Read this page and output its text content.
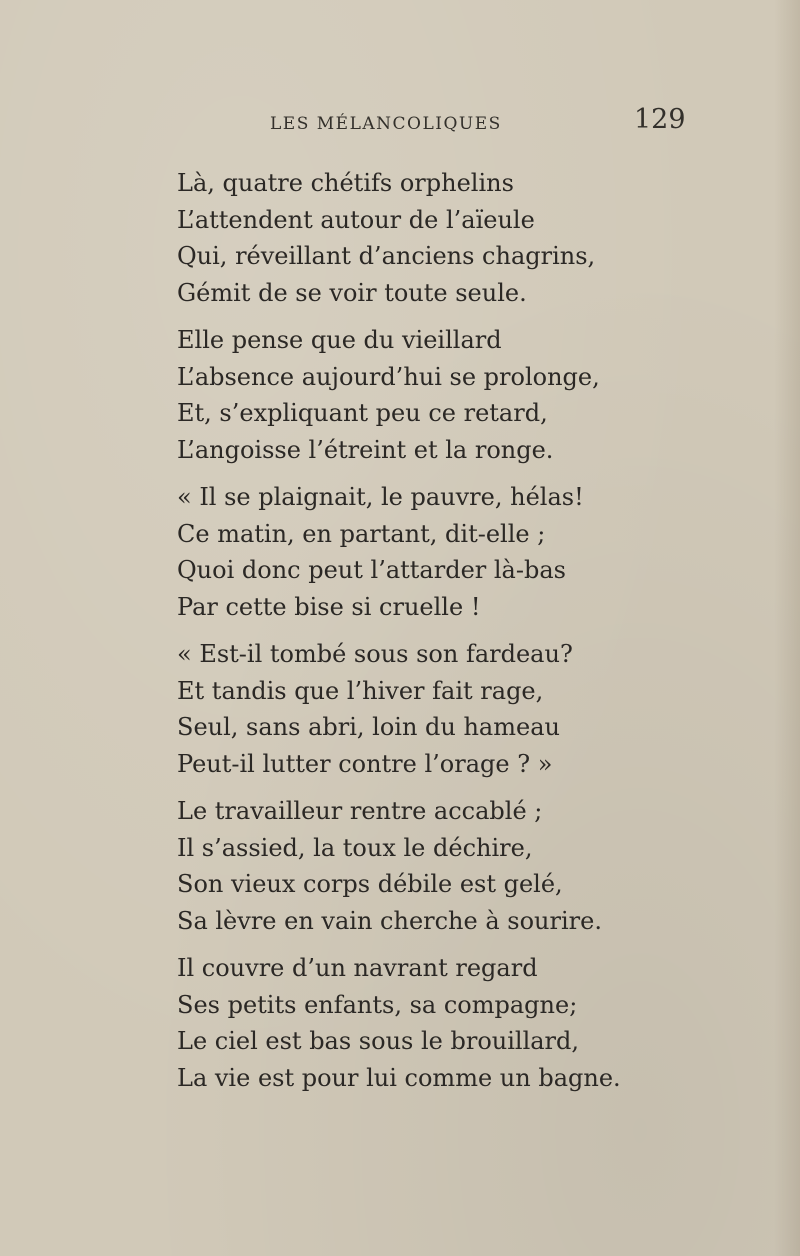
LES MÉLANCOLIQUES	129
Là, quatre chétifs orphelins
L’attendent autour de l’aïeule
Qui, réveillant d’anciens chagrins,
Gémit de se voir toute seule.
Elle pense que du vieillard
L’absence aujourd’hui se prolonge,
Et, s’expliquant peu ce retard,
L’angoisse l’étreint et la ronge.
« Il se plaignait, le pauvre, hélas!
Ce matin, en partant, dit-elle ;
Quoi donc peut l’attarder là-bas
Par cette bise si cruelle !
« Est-il tombé sous son fardeau?
Et tandis que l’hiver fait rage,
Seul, sans abri, loin du hameau
Peut-il lutter contre l’orage ? »
Le travailleur rentre accablé ;
Il s’assied, la toux le déchire,
Son vieux corps débile est gelé,
Sa lèvre en vain cherche à sourire.
Il couvre d’un navrant regard
Ses petits enfants, sa compagne;
Le ciel est bas sous le brouillard,
La vie est pour lui comme un bagne.
